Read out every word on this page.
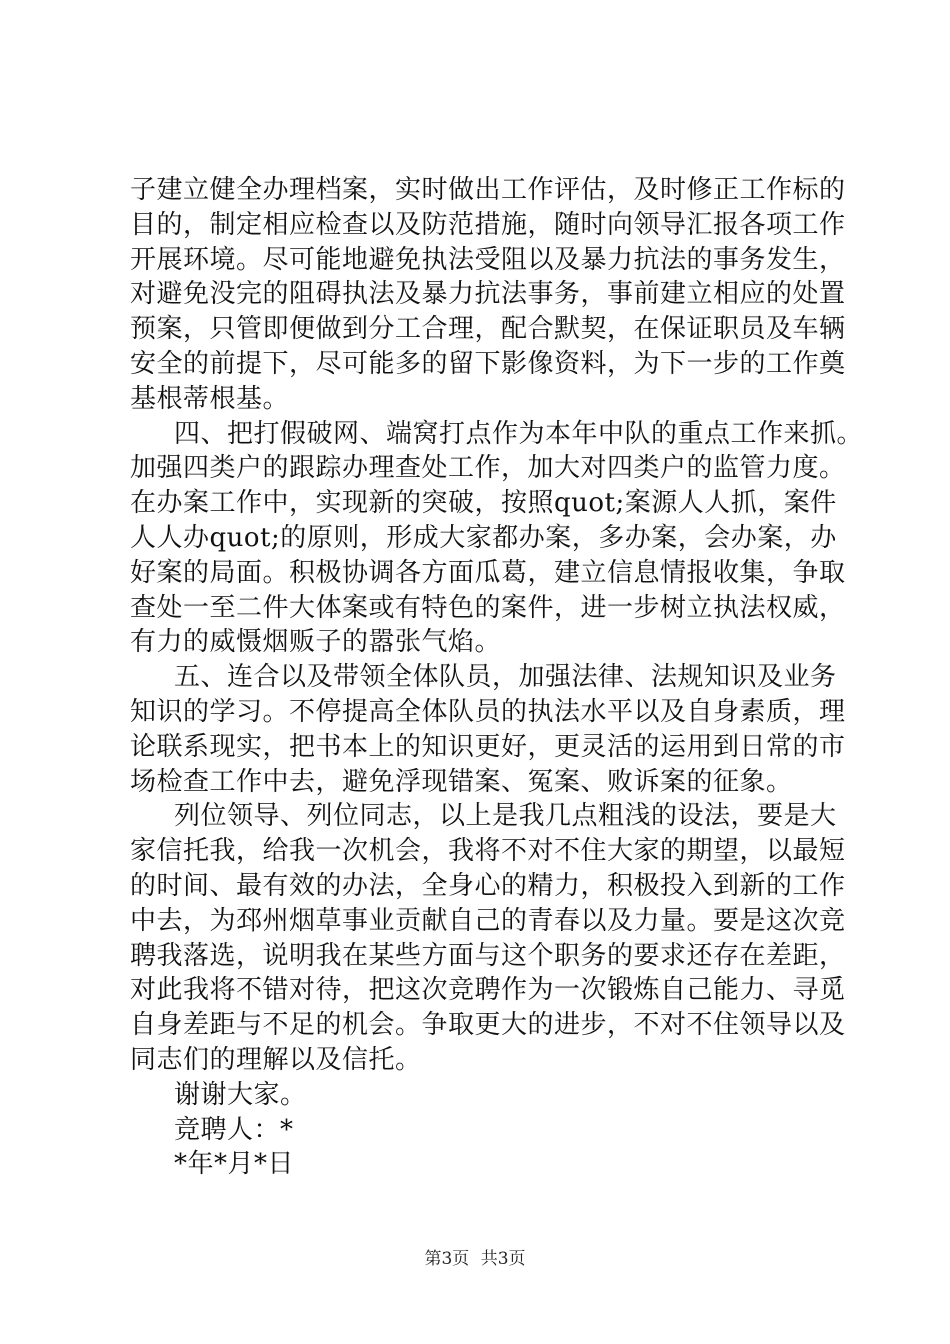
子建立健全办理档案，实时做出工作评估，及时修正工作标的
目的，制定相应检查以及防范措施，随时向领导汇报各项工作
开展环境。尽可能地避免执法受阻以及暴力抗法的事务发生，
对避免没完的阻碍执法及暴力抗法事务，事前建立相应的处置
预案，只管即便做到分工合理，配合默契，在保证职员及车辆
安全的前提下，尽可能多的留下影像资料，为下一步的工作奠
基根蒂根基。
四、把打假破网、端窝打点作为本年中队的重点工作来抓。
加强四类户的跟踪办理查处工作，加大对四类户的监管力度。
在办案工作中，实现新的突破，按照quot;案源人人抓，案件
人人办quot;的原则，形成大家都办案，多办案，会办案，办
好案的局面。积极协调各方面瓜葛，建立信息情报收集，争取
查处一至二件大体案或有特色的案件，进一步树立执法权威，
有力的威慑烟贩子的嚣张气焰。
五、连合以及带领全体队员，加强法律、法规知识及业务
知识的学习。不停提高全体队员的执法水平以及自身素质，理
论联系现实，把书本上的知识更好，更灵活的运用到日常的市
场检查工作中去，避免浮现错案、冤案、败诉案的征象。
列位领导、列位同志，以上是我几点粗浅的设法，要是大
家信托我，给我一次机会，我将不对不住大家的期望，以最短
的时间、最有效的办法，全身心的精力，积极投入到新的工作
中去，为邳州烟草事业贡献自己的青春以及力量。要是这次竞
聘我落选，说明我在某些方面与这个职务的要求还存在差距，
对此我将不错对待，把这次竞聘作为一次锻炼自己能力、寻觅
自身差距与不足的机会。争取更大的进步，不对不住领导以及
同志们的理解以及信托。
谢谢大家。
竞聘人：*
*年*月*日
第3页 共3页
